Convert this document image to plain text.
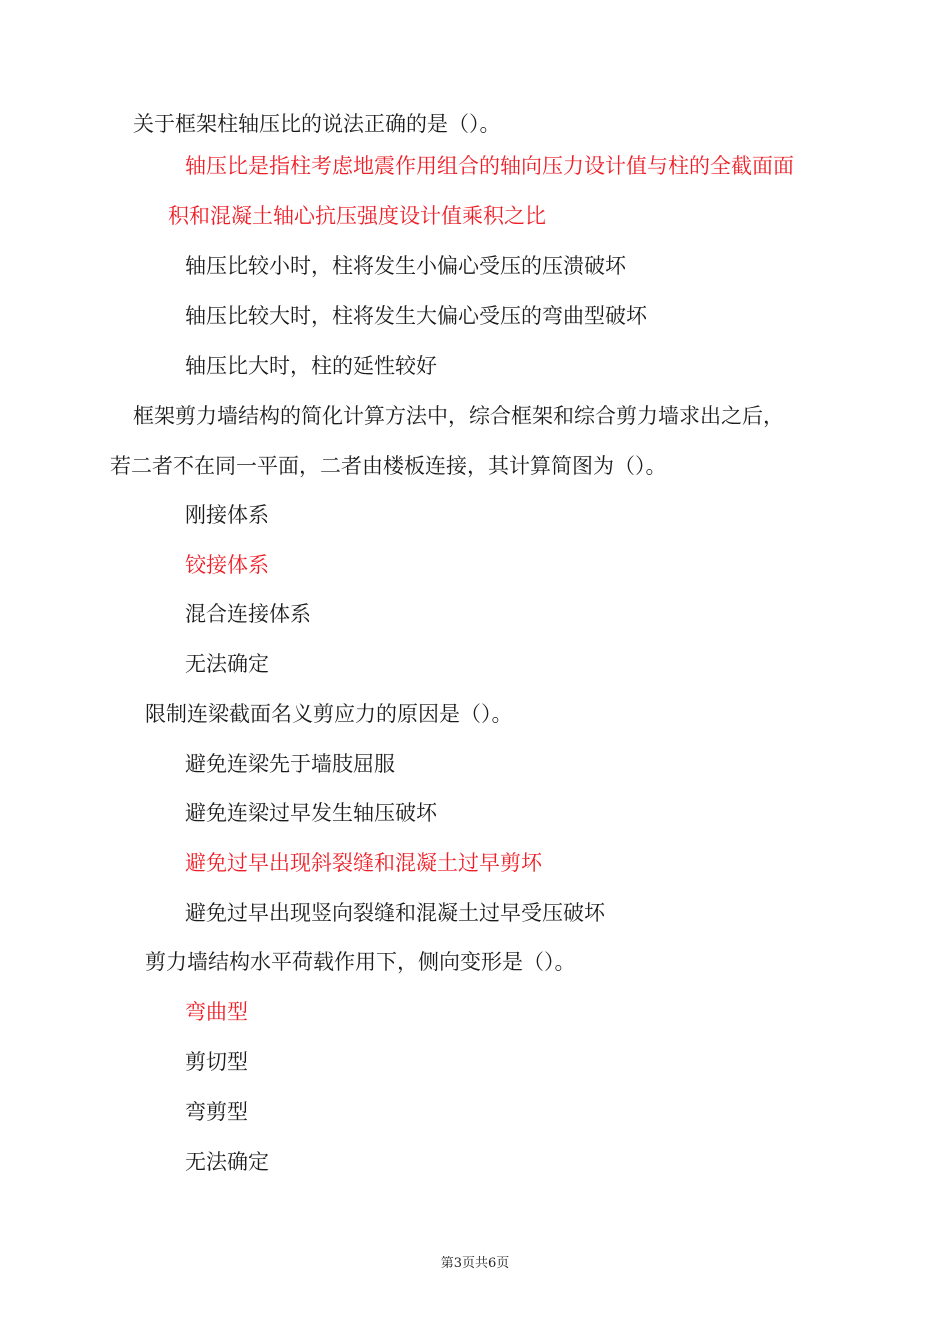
关于框架柱轴压比的说法正确的是（）。
轴压比是指柱考虑地震作用组合的轴向压力设计值与柱的全截面面
积和混凝土轴心抗压强度设计值乘积之比
轴压比较小时，柱将发生小偏心受压的压溃破坏
轴压比较大时，柱将发生大偏心受压的弯曲型破坏
轴压比大时，柱的延性较好
框架剪力墙结构的简化计算方法中，综合框架和综合剪力墙求出之后，
若二者不在同一平面，二者由楼板连接，其计算简图为（）。
刚接体系
铰接体系
混合连接体系
无法确定
限制连梁截面名义剪应力的原因是（）。
避免连梁先于墙肢屈服
避免连梁过早发生轴压破坏
避免过早出现斜裂缝和混凝土过早剪坏
避免过早出现竖向裂缝和混凝土过早受压破坏
剪力墙结构水平荷载作用下，侧向变形是（）。
弯曲型
剪切型
弯剪型
无法确定
第3页共6页
